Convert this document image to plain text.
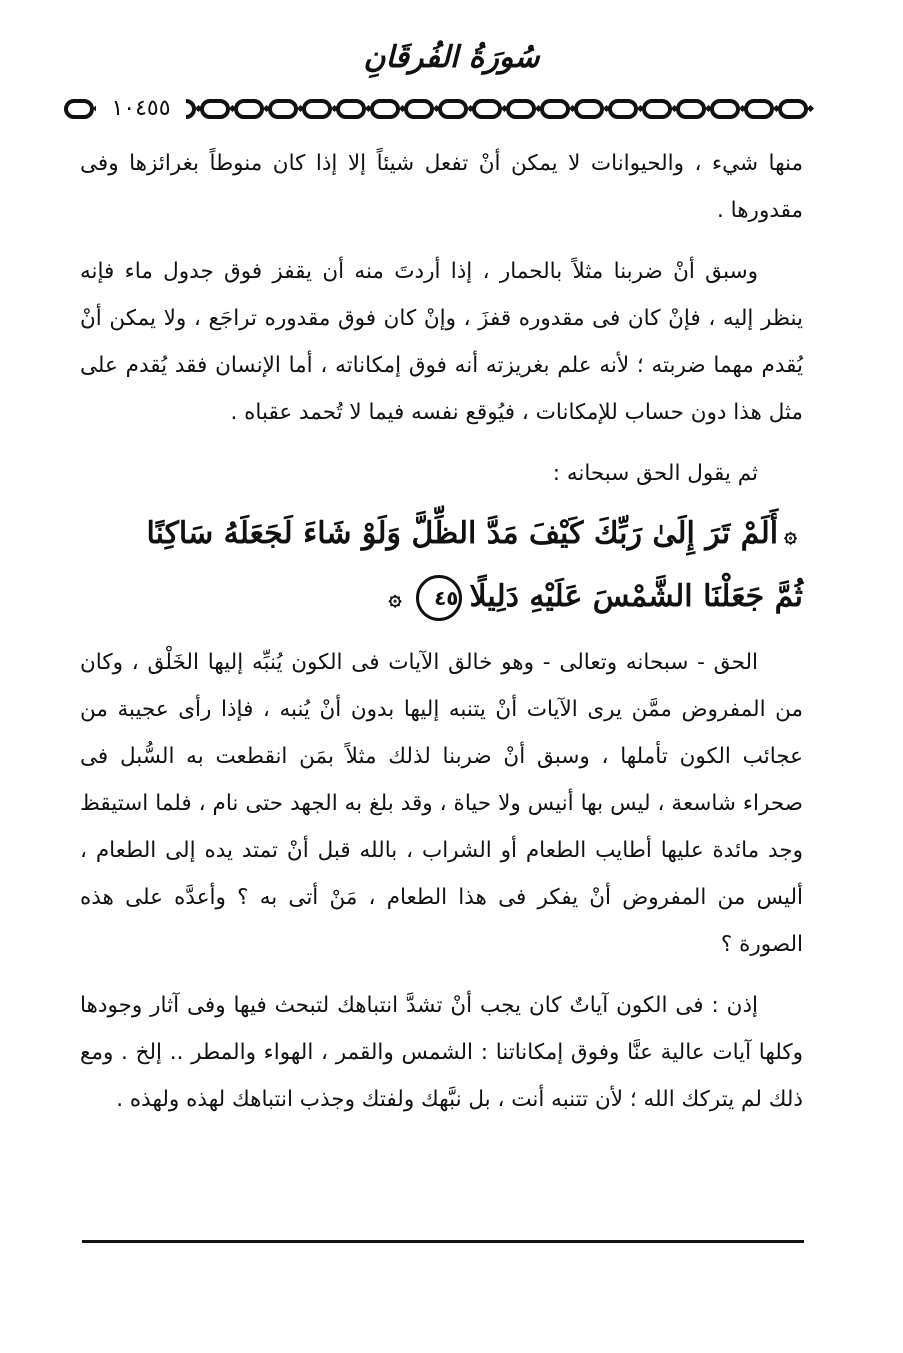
سُورَةُ الفُرقَانِ
١٠٤٥٥

منها شيء ، والحيوانات لا يمكن أنْ تفعل شيئاً إلا إذا كان منوطاً بغرائزها وفى مقدورها .

وسبق أنْ ضربنا مثلاً بالحمار ، إذا أردتَ منه أن يقفز فوق جدول ماء فإنه ينظر إليه ، فإنْ كان فى مقدوره قفزَ ، وإنْ كان فوق مقدوره تراجَع ، ولا يمكن أنْ يُقدم مهما ضربته ؛ لأنه علم بغريزته أنه فوق إمكاناته ، أما الإنسان فقد يُقدم على مثل هذا دون حساب للإمكانات ، فيُوقع نفسه فيما لا تُحمد عقباه .

ثم يقول الحق سبحانه :

۞أَلَمْ تَرَ إِلَىٰ رَبِّكَ كَيْفَ مَدَّ الظِّلَّ وَلَوْ شَاءَ لَجَعَلَهُ سَاكِنًا
ثُمَّ جَعَلْنَا الشَّمْسَ عَلَيْهِ دَلِيلًا٤٥۞

الحق - سبحانه وتعالى - وهو خالق الآيات فى الكون يُنبِّه إليها الخَلْق ، وكان من المفروض ممَّن يرى الآيات أنْ يتنبه إليها بدون أنْ يُنبه ، فإذا رأى عجيبة من عجائب الكون تأملها ، وسبق أنْ ضربنا لذلك مثلاً بمَن انقطعت به السُّبل فى صحراء شاسعة ، ليس بها أنيس ولا حياة ، وقد بلغ به الجهد حتى نام ، فلما استيقظ وجد مائدة عليها أطايب الطعام أو الشراب ، بالله قبل أنْ تمتد يده إلى الطعام ، أليس من المفروض أنْ يفكر فى هذا الطعام ، مَنْ أتى به ؟ وأعدَّه على هذه الصورة ؟

إذن : فى الكون آياتٌ كان يجب أنْ تشدَّ انتباهك لتبحث فيها وفى آثار وجودها وكلها آيات عالية عنَّا وفوق إمكاناتنا : الشمس والقمر ، الهواء والمطر .. إلخ . ومع ذلك لم يتركك الله ؛ لأن تتنبه أنت ، بل نبَّهك ولفتك وجذب انتباهك لهذه ولهذه .
